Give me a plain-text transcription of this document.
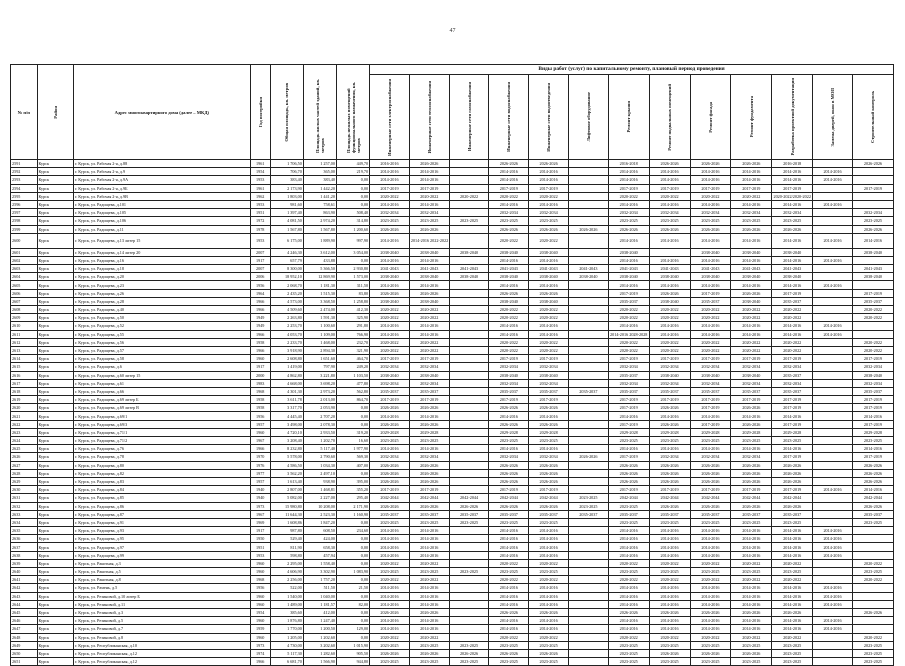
47
№ п/п	Район	Адрес многоквартирного дома (далее – МКД)	Год постройки	Общая площадь, кв. метров	Площадь жилых частей зданий, кв. метров	Площадь нежилых помещений функционального назначения, кв. метров	Виды работ (услуг) по капитальному ремонту, плановый период проведения												

							Инженерные сети электроснабжения	Инженерные сети теплоснабжения	Инженерные сети газоснабжения	Инженерные сети водоснабжения	Инженерные сети водоотведения	Лифтовое оборудование	Ремонт крыши	Ремонт подвальных помещений	Ремонт фасада	Ремонт фундамента	Разработка проектной документации	Замена дверей, окон в МОП	Строительный контроль

2591	Курск	г. Курск, ул. Рабочая 2-я, д.88	1961	1 706,50	1 257,00	449,70	2016-2016	2026-2026		2026-2026	2026-2026		2016-2018	2026-2026	2026-2026	2026-2026	2016-2018		2026-2026
2592	Курск	г. Курск, ул. Рабочая 2-я, д.9	1954	706,70	365,00	219,70	2014-2016	2014-2016		2014-2016	2014-2016		2014-2016	2014-2016	2014-2016	2014-2016	2014-2016	2014-2016	
2593	Курск	г. Курск, ул. Рабочая 2-я, д.9А	1953	383,40	383,40	0,00	2014-2016	2014-2016		2014-2016	2014-2016		2014-2016	2014-2016	2014-2016	2014-2016	2014-2016	2014-2016	
2594	Курск	г. Курск, ул. Рабочая 2-я, д.9Б	1961	2 173,90	1 442,20	0,00	2017-2019	2017-2019		2017-2019	2017-2019		2017-2019	2017-2019	2017-2019	2017-2019	2017-2019		2017-2019
2595	Курск	г. Курск, ул. Рабочая 2-я, д.9В	1962	1 803,00	1 441,20	0,00	2020-2022	2020-2022	2020-2022	2020-2022	2020-2022		2020-2022	2020-2022	2020-2022	2020-2022	2020-2022/2020-2022		
2596	Курск	г. Курск, ул. Радищева, д.101	1953	981,60	758,61	0,00	2014-2016	2014-2016		2014-2016	2014-2016		2014-2016	2014-2016	2014-2016	2014-2016	2014-2016	2014-2016	
2597	Курск	г. Курск, ул. Радищева, д.105	1951	1 397,40	863,90	508,40	2032-2034	2032-2034		2032-2034	2032-2034		2032-2034	2032-2034	2032-2034	2032-2034	2032-2034		2032-2034
2598	Курск	г. Курск, ул. Радищева, д.106	1972	4 081,50	2 974,20	314,80	2023-2025	2023-2025	2023-2025	2023-2025	2023-2025		2023-2025	2023-2025	2023-2025	2023-2025	2023-2025		2023-2025
2599	Курск	г. Курск, ул. Радищева, д.11	1978	1 567,80	1 567,80	1 200,60	2026-2026	2026-2026		2026-2026	2026-2026	2026-2026	2026-2026	2026-2026	2026-2026	2026-2026	2026-2026		2026-2026
2600	Курск	г. Курск, ул. Радищева, д.13 литер 15	1953	6 175,00	1 889,90	997,90	2014-2016	2014-2016 2022-2022		2020-2022	2020-2022		2014-2016	2014-2016	2014-2016	2014-2016	2014-2016	2014-2016	2014-2016
2601	Курск	г. Курск, ул. Радищева, д.14 литер 20	2007	4 246,30	3 612,00	3 054,00	2038-2040	2038-2040	2038-2040	2038-2040	2038-2040		2038-2040		2038-2040	2038-2040	2038-2040		2038-2040
2602	Курск	г. Курск, ул. Радищева, д.16	1917	657,79	433,88	0,00	2014-2016	2014-2016		2014-2016	2014-2016		2014-2016	2014-2016	2014-2016	2014-2016	2014-2016	2014-2016	
2603	Курск	г. Курск, ул. Радищева, д.18	2007	8 300,00	5 366,50	2 930,80	2041-2043	2041-2043	2041-2043	2041-2043	2041-2043	2041-2043	2041-2043	2041-2043	2041-2043	2041-2043	2041-2043		2041-2043
2604	Курск	г. Курск, ул. Радищева, д.20	2006	18 952,10	12 869,90	1 573,00	2038-2040	2038-2040	2038-2040	2038-2040	2038-2040	2038-2040	2038-2040	2038-2040	2038-2040	2038-2040	2038-2040		2038-2040
2605	Курск	г. Курск, ул. Радищева, д.23	1956	2 068,70	1 181,30	311,50	2014-2016	2014-2016		2014-2016	2014-2016		2014-2016	2014-2016	2014-2016	2014-2016	2014-2016	2014-2016	
2606	Курск	г. Курск, ул. Радищева, д.26	1964	2 435,20	1 515,30	83,80	2026-2026	2026-2026		2026-2026	2026-2026		2017-2019	2026-2026	2017-2019	2026-2026	2017-2019		2017-2019
2607	Курск	г. Курск, ул. Радищева, д.28	1966	4 573,00	3 368,50	1 258,80	2038-2040	2038-2040		2038-2040	2038-2040		2035-2037	2038-2040	2035-2037	2038-2040	2035-2037		2035-2037
2608	Курск	г. Курск, ул. Радищева, д.40	1966	4 509,60	2 474,00	412,30	2020-2022	2020-2022		2020-2022	2020-2022		2020-2022	2020-2022	2020-2022	2020-2022	2020-2022		2020-2022
2609	Курск	г. Курск, ул. Радищева, д.50	1949	2 263,80	1 591,30	325,90	2020-2022	2020-2022		2020-2022	2020-2022		2020-2022	2020-2022	2020-2022	2020-2022	2020-2022		2020-2022
2610	Курск	г. Курск, ул. Радищева, д.52	1949	2 253,70	1 100,60	291,80	2014-2016	2014-2016		2014-2016	2014-2016		2014-2016	2014-2016	2014-2016	2014-2016	2014-2016	2014-2016	
2611	Курск	г. Курск, ул. Радищева, д.55	1966	4 053,70	1 109,00	766,90	2014-2016	2014-2016		2014-2016	2014-2016		2014-2016 2028-2028	2014-2016	2014-2016	2014-2016	2014-2016	2014-2016	
2612	Курск	г. Курск, ул. Радищева, д.56	1958	2 233,70	1 468,00	232,70	2020-2022	2020-2022		2020-2022	2020-2022		2020-2022	2020-2022	2020-2022	2020-2022	2020-2022		2020-2022
2613	Курск	г. Курск, ул. Радищева, д.57	1966	3 918,90	2 894,30	321,90	2020-2022	2020-2022		2020-2022	2020-2022		2020-2022	2020-2022	2020-2022	2020-2022	2020-2022		2020-2022
2614	Курск	г. Курск, ул. Радищева, д.58	1960	2 608,80	1 651,60	464,70	2017-2019	2017-2019		2017-2019	2017-2019		2017-2019	2017-2019	2017-2019	2017-2019	2017-2019		2017-2019
2615	Курск	г. Курск, ул. Радищева, д.6	1917	1 419,00	797,90	249,20	2032-2034	2032-2034		2032-2034	2032-2034		2032-2034	2032-2034	2032-2034	2032-2034	2032-2034		2032-2034
2616	Курск	г. Курск, ул. Радищева, д.60 литер 15	2000	4 862,80	3 221,80	1 103,50	2038-2040	2038-2040		2038-2040	2038-2040		2035-2037	2038-2040	2038-2040	2038-2040	2035-2037		2038-2040
2617	Курск	г. Курск, ул. Радищева, д.61	1983	4 668,00	3 698,20	477,80	2032-2034	2032-2034		2032-2034	2032-2034		2032-2034	2032-2034	2032-2034	2032-2034	2032-2034		2032-2034
2618	Курск	г. Курск, ул. Радищева, д.66	1968	4 301,30	2 973,20	562,80	2035-2037	2035-2037		2035-2037	2035-2037	2035-2037	2035-2037	2035-2037	2035-2037	2035-2037	2035-2037		2035-2037
2619	Курск	г. Курск, ул. Радищева, д.69 литер Б	1958	3 611,78	2 013,00	864,70	2017-2019	2017-2019		2017-2019	2017-2019		2017-2019	2017-2019	2017-2019	2017-2019	2017-2019		2017-2019
2620	Курск	г. Курск, ул. Радищева, д.69 литер В	1958	3 317,70	2 053,90	0,00	2026-2026	2026-2026		2026-2026	2026-2026		2017-2019	2026-2026	2017-2019	2026-2026	2017-2019		2017-2019
2621	Курск	г. Курск, ул. Радищева, д.69/1	1956	4 445,40	2 707,20	0,00	2014-2016	2014-2016		2014-2016	2014-2016		2014-2016	2014-2016	2014-2016	2014-2016	2014-2016		2014-2016
2622	Курск	г. Курск, ул. Радищева, д.69/3	1957	3 498,00	2 078,30	0,00	2026-2026	2026-2026		2026-2026	2026-2026		2017-2019	2026-2026	2017-2019	2026-2026	2017-2019		2017-2019
2623	Курск	г. Курск, ул. Радищева, д.71/1	1960	4 720,10	2 933,50	319,20	2029-2028	2029-2028		2029-2028	2029-2028		2029-2028	2029-2028	2029-2028	2029-2028	2029-2028		2029-2028
2624	Курск	г. Курск, ул. Радищева, д.71/2	1967	3 208,40	1 202,70	16,60	2023-2025	2023-2025		2023-2025	2023-2025		2023-2025	2023-2025	2023-2025	2023-2025	2023-2025		2023-2025
2625	Курск	г. Курск, ул. Радищева, д.76	1966	8 232,80	5 117,40	1 977,90	2014-2016	2014-2016		2014-2016	2014-2016		2014-2016	2014-2016	2014-2016	2014-2016	2014-2016		2014-2016
2626	Курск	г. Курск, ул. Радищева, д.78	1970	5 578,00	2 790,60	569,30	2032-2034	2032-2034		2032-2034	2032-2034	2026-2026	2017-2019	2032-2034	2032-2034	2032-2034	2017-2019		2017-2019
2627	Курск	г. Курск, ул. Радищева, д.80	1976	4 586,50	1 034,30	407,00	2026-2026	2026-2026		2026-2026	2026-2026		2026-2026	2026-2026	2026-2026	2026-2026	2026-2026		2026-2026
2628	Курск	г. Курск, ул. Радищева, д.82	1977	3 562,20	2 497,10	0,00	2026-2026	2026-2026		2026-2026	2026-2026		2026-2026	2026-2026	2026-2026	2026-2026	2026-2026		2026-2026
2629	Курск	г. Курск, ул. Радищева, д.83	1957	1 613,40	938,90	395,00	2026-2026	2026-2026		2026-2026	2026-2026		2026-2026	2026-2026	2026-2026	2026-2026	2026-2026		2026-2026
2630	Курск	г. Курск, ул. Радищева, д.84	1940	2 807,00	1 468,81	355,20	2017-2019	2017-2019		2017-2019	2017-2019		2017-2019	2017-2019	2017-2019	2017-2019	2017-2019	2014-2016	2014-2016
2631	Курск	г. Курск, ул. Радищева, д.85	1940	5 082,00	2 227,00	295,40	2042-2044	2042-2044	2042-2044	2042-2044	2042-2044	2023-2025	2042-2044	2042-2044	2042-2044	2042-2044	2042-2044		2042-2044
2632	Курск	г. Курск, ул. Радищева, д.86	1973	15 980,80	10 208,00	2 171,90	2026-2026	2026-2026	2026-2026	2026-2026	2026-2026	2023-2025	2023-2025	2026-2026	2026-2026	2026-2026	2026-2026		2026-2026
2633	Курск	г. Курск, ул. Радищева, д.87	1967	11 644,30	2 523,30	1 160,90	2035-2037	2035-2037	2035-2037	2035-2037	2035-2037	2035-2037	2035-2037	2035-2037	2035-2037	2035-2037	2035-2037		2035-2037
2634	Курск	г. Курск, ул. Радищева, д.91	1969	1 608,86	1 847,20	0,00	2023-2025	2023-2025	2023-2025	2023-2025	2023-2025		2023-2025	2023-2025	2023-2025	2023-2025	2023-2025		2023-2025
2635	Курск	г. Курск, ул. Радищева, д.93	1917	987,80	608,50	234,60	2014-2016	2014-2016		2014-2016	2014-2016		2014-2016	2014-2016	2014-2016	2014-2016	2014-2016	2014-2016	
2636	Курск	г. Курск, ул. Радищева, д.95	1950	529,40	424,00	0,00	2014-2016	2014-2016		2014-2016	2014-2016		2014-2016	2014-2016	2014-2016	2014-2016	2014-2016	2014-2016	
2637	Курск	г. Курск, ул. Радищева, д.97	1951	811,90	658,30	0,00	2014-2016	2014-2016		2014-2016	2014-2016		2014-2016	2014-2016	2014-2016	2014-2016	2014-2016	2014-2016	
2638	Курск	г. Курск, ул. Радищева, д.99	1953	598,80	457,94	0,00	2014-2016	2014-2016		2014-2016	2014-2016		2014-2016	2014-2016	2014-2016	2014-2016	2014-2016	2014-2016	
2639	Курск	г. Курск, ул. Ракитная, д.3	1960	2 295,00	1 558,40	0,00	2020-2022	2020-2022		2020-2022	2020-2022		2020-2022	2020-2022	2020-2022	2020-2022	2020-2022		2020-2022
2640	Курск	г. Курск, ул. Ракитная, д.5	1960	4 606,90	3 302,90	1 083,90	2023-2025	2023-2025	2023-2025	2023-2025	2023-2025		2023-2025	2023-2025	2023-2025	2023-2025	2023-2025		2023-2025
2641	Курск	г. Курск, ул. Ракитная, д.8	1968	2 256,00	1 757,20	0,00	2020-2022	2020-2022		2020-2022	2020-2022		2020-2022	2020-2022	2020-2022	2020-2022	2020-2022		2020-2022
2642	Курск	г. Курск, ул. Рамень, д.5	1956	522,00	511,50	21,50	2014-2016	2014-2016		2014-2016	2014-2016		2014-2016	2014-2016	2014-2016	2014-2016	2014-2016	2014-2016	
2643	Курск	г. Курск, ул. Резиновой, д.10 литер Б	1960	1 540,00	1 040,00	0,00	2014-2016	2014-2016		2014-2016	2014-2016		2014-2016	2014-2016	2014-2016	2014-2016	2014-2016	2014-2016	
2644	Курск	г. Курск, ул. Резиновой, д.11	1960	1 489,00	1 181,57	82,00	2014-2016	2014-2016		2014-2016	2014-2016		2014-2016	2014-2016	2014-2016	2014-2016	2014-2016	2014-2016	
2645	Курск	г. Курск, ул. Резиновой, д.3	1954	385,60	412,00	0,00	2026-2026	2026-2026		2026-2026	2026-2026		2026-2026	2026-2026	2026-2026	2026-2026	2026-2026		2026-2026
2646	Курск	г. Курск, ул. Резиновой, д.5	1960	1 876,80	1 247,40	0,00	2014-2016	2014-2016		2014-2016	2014-2016		2014-2016	2014-2016	2014-2016	2014-2016	2014-2016	2014-2016	
2647	Курск	г. Курск, ул. Резиновой, д.7	1959	1 770,00	1 200,50	129,00	2014-2016	2014-2016		2014-2016	2014-2016		2014-2016	2014-2016	2014-2016	2014-2016	2014-2016	2014-2016	
2648	Курск	г. Курск, ул. Резиновой, д.8	1960	1 205,00	1 202,60	0,00	2020-2022	2020-2022		2020-2022	2020-2022		2020-2022	2020-2022	2020-2022	2020-2022	2020-2022		2020-2022
2649	Курск	г. Курск, ул. Республиканская, д.10	1973	4 730,00	3 202,60	1 015,90	2023-2025	2023-2025	2023-2025	2023-2025	2023-2025		2023-2025	2023-2025	2023-2025	2023-2025	2023-2025		2023-2025
2650	Курск	г. Курск, ул. Республиканская, д.12	1974	5 117,30	1 282,60	905,50	2026-2026	2026-2026	2026-2026	2026-2026	2026-2026		2023-2025	2026-2026	2026-2026	2026-2026	2023-2025		2023-2025
2651	Курск	г. Курск, ул. Республиканская, д.12	1966	6 681,70	1 566,90	944,80	2023-2025	2023-2025	2023-2025	2023-2025	2023-2025		2023-2025	2023-2025	2023-2025	2023-2025	2023-2025		2023-2025
